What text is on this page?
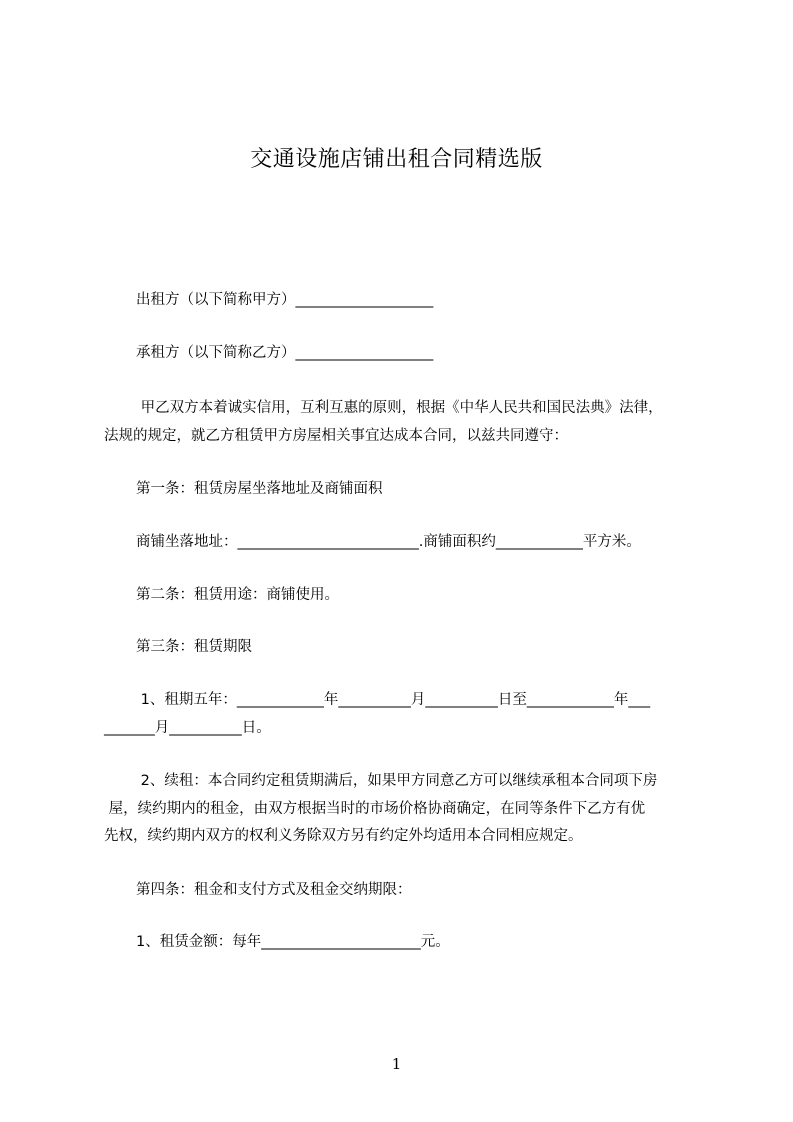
交通设施店铺出租合同精选版
出租方（以下简称甲方）___________________
承租方（以下简称乙方）___________________
甲乙双方本着诚实信用，互利互惠的原则，根据《中华人民共和国民法典》法律，
法规的规定，就乙方租赁甲方房屋相关事宜达成本合同，以兹共同遵守：
第一条：租赁房屋坐落地址及商铺面积
商铺坐落地址：_________________________.商铺面积约____________平方米。
第二条：租赁用途：商铺使用。
第三条：租赁期限
1、租期五年：____________年__________月__________日至____________年___
_______月__________日。
2、续租：本合同约定租赁期满后，如果甲方同意乙方可以继续承租本合同项下房
屋，续约期内的租金，由双方根据当时的市场价格协商确定，在同等条件下乙方有优
先权，续约期内双方的权利义务除双方另有约定外均适用本合同相应规定。
第四条：租金和支付方式及租金交纳期限：
1、租赁金额：每年______________________元。
1
